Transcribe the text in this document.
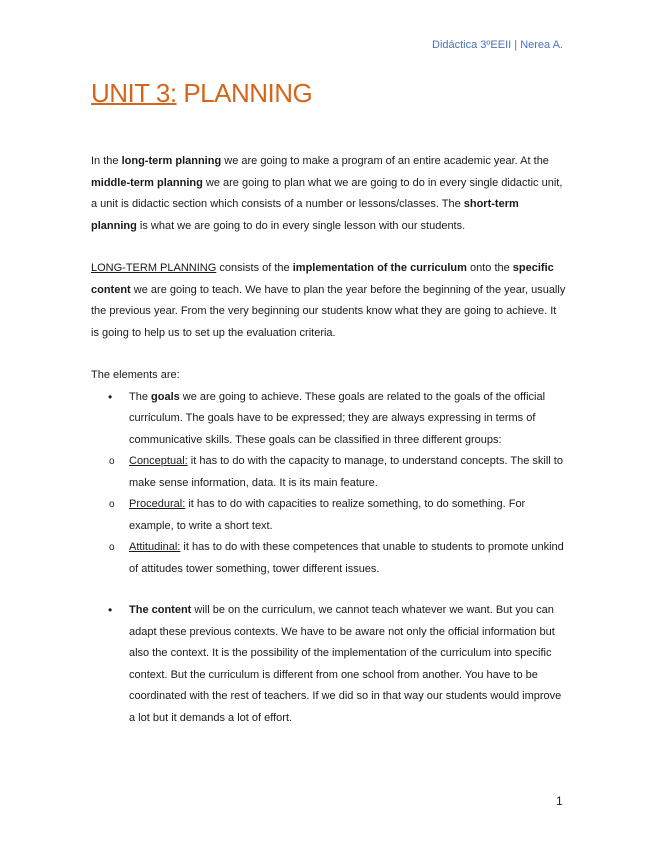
Didáctica 3ºEEII | Nerea A.
UNIT 3: PLANNING

In the long-term planning we are going to make a program of an entire academic year. At the middle-term planning we are going to plan what we are going to do in every single didactic unit, a unit is didactic section which consists of a number or lessons/classes. The short-term planning is what we are going to do in every single lesson with our students.

LONG-TERM PLANNING consists of the implementation of the curriculum onto the specific content we are going to teach. We have to plan the year before the beginning of the year, usually the previous year. From the very beginning our students know what they are going to achieve. It is going to help us to set up the evaluation criteria.

The elements are:

• The goals we are going to achieve. These goals are related to the goals of the official curriculum. The goals have to be expressed; they are always expressing in terms of communicative skills. These goals can be classified in three different groups:
o Conceptual: it has to do with the capacity to manage, to understand concepts. The skill to make sense information, data. It is its main feature.
o Procedural: it has to do with capacities to realize something, to do something. For example, to write a short text.
o Attitudinal: it has to do with these competences that unable to students to promote unkind of attitudes tower something, tower different issues.
• The content will be on the curriculum, we cannot teach whatever we want. But you can adapt these previous contexts. We have to be aware not only the official information but also the context. It is the possibility of the implementation of the curriculum into specific context. But the curriculum is different from one school from another. You have to be coordinated with the rest of teachers. If we did so in that way our students would improve a lot but it demands a lot of effort.
1
